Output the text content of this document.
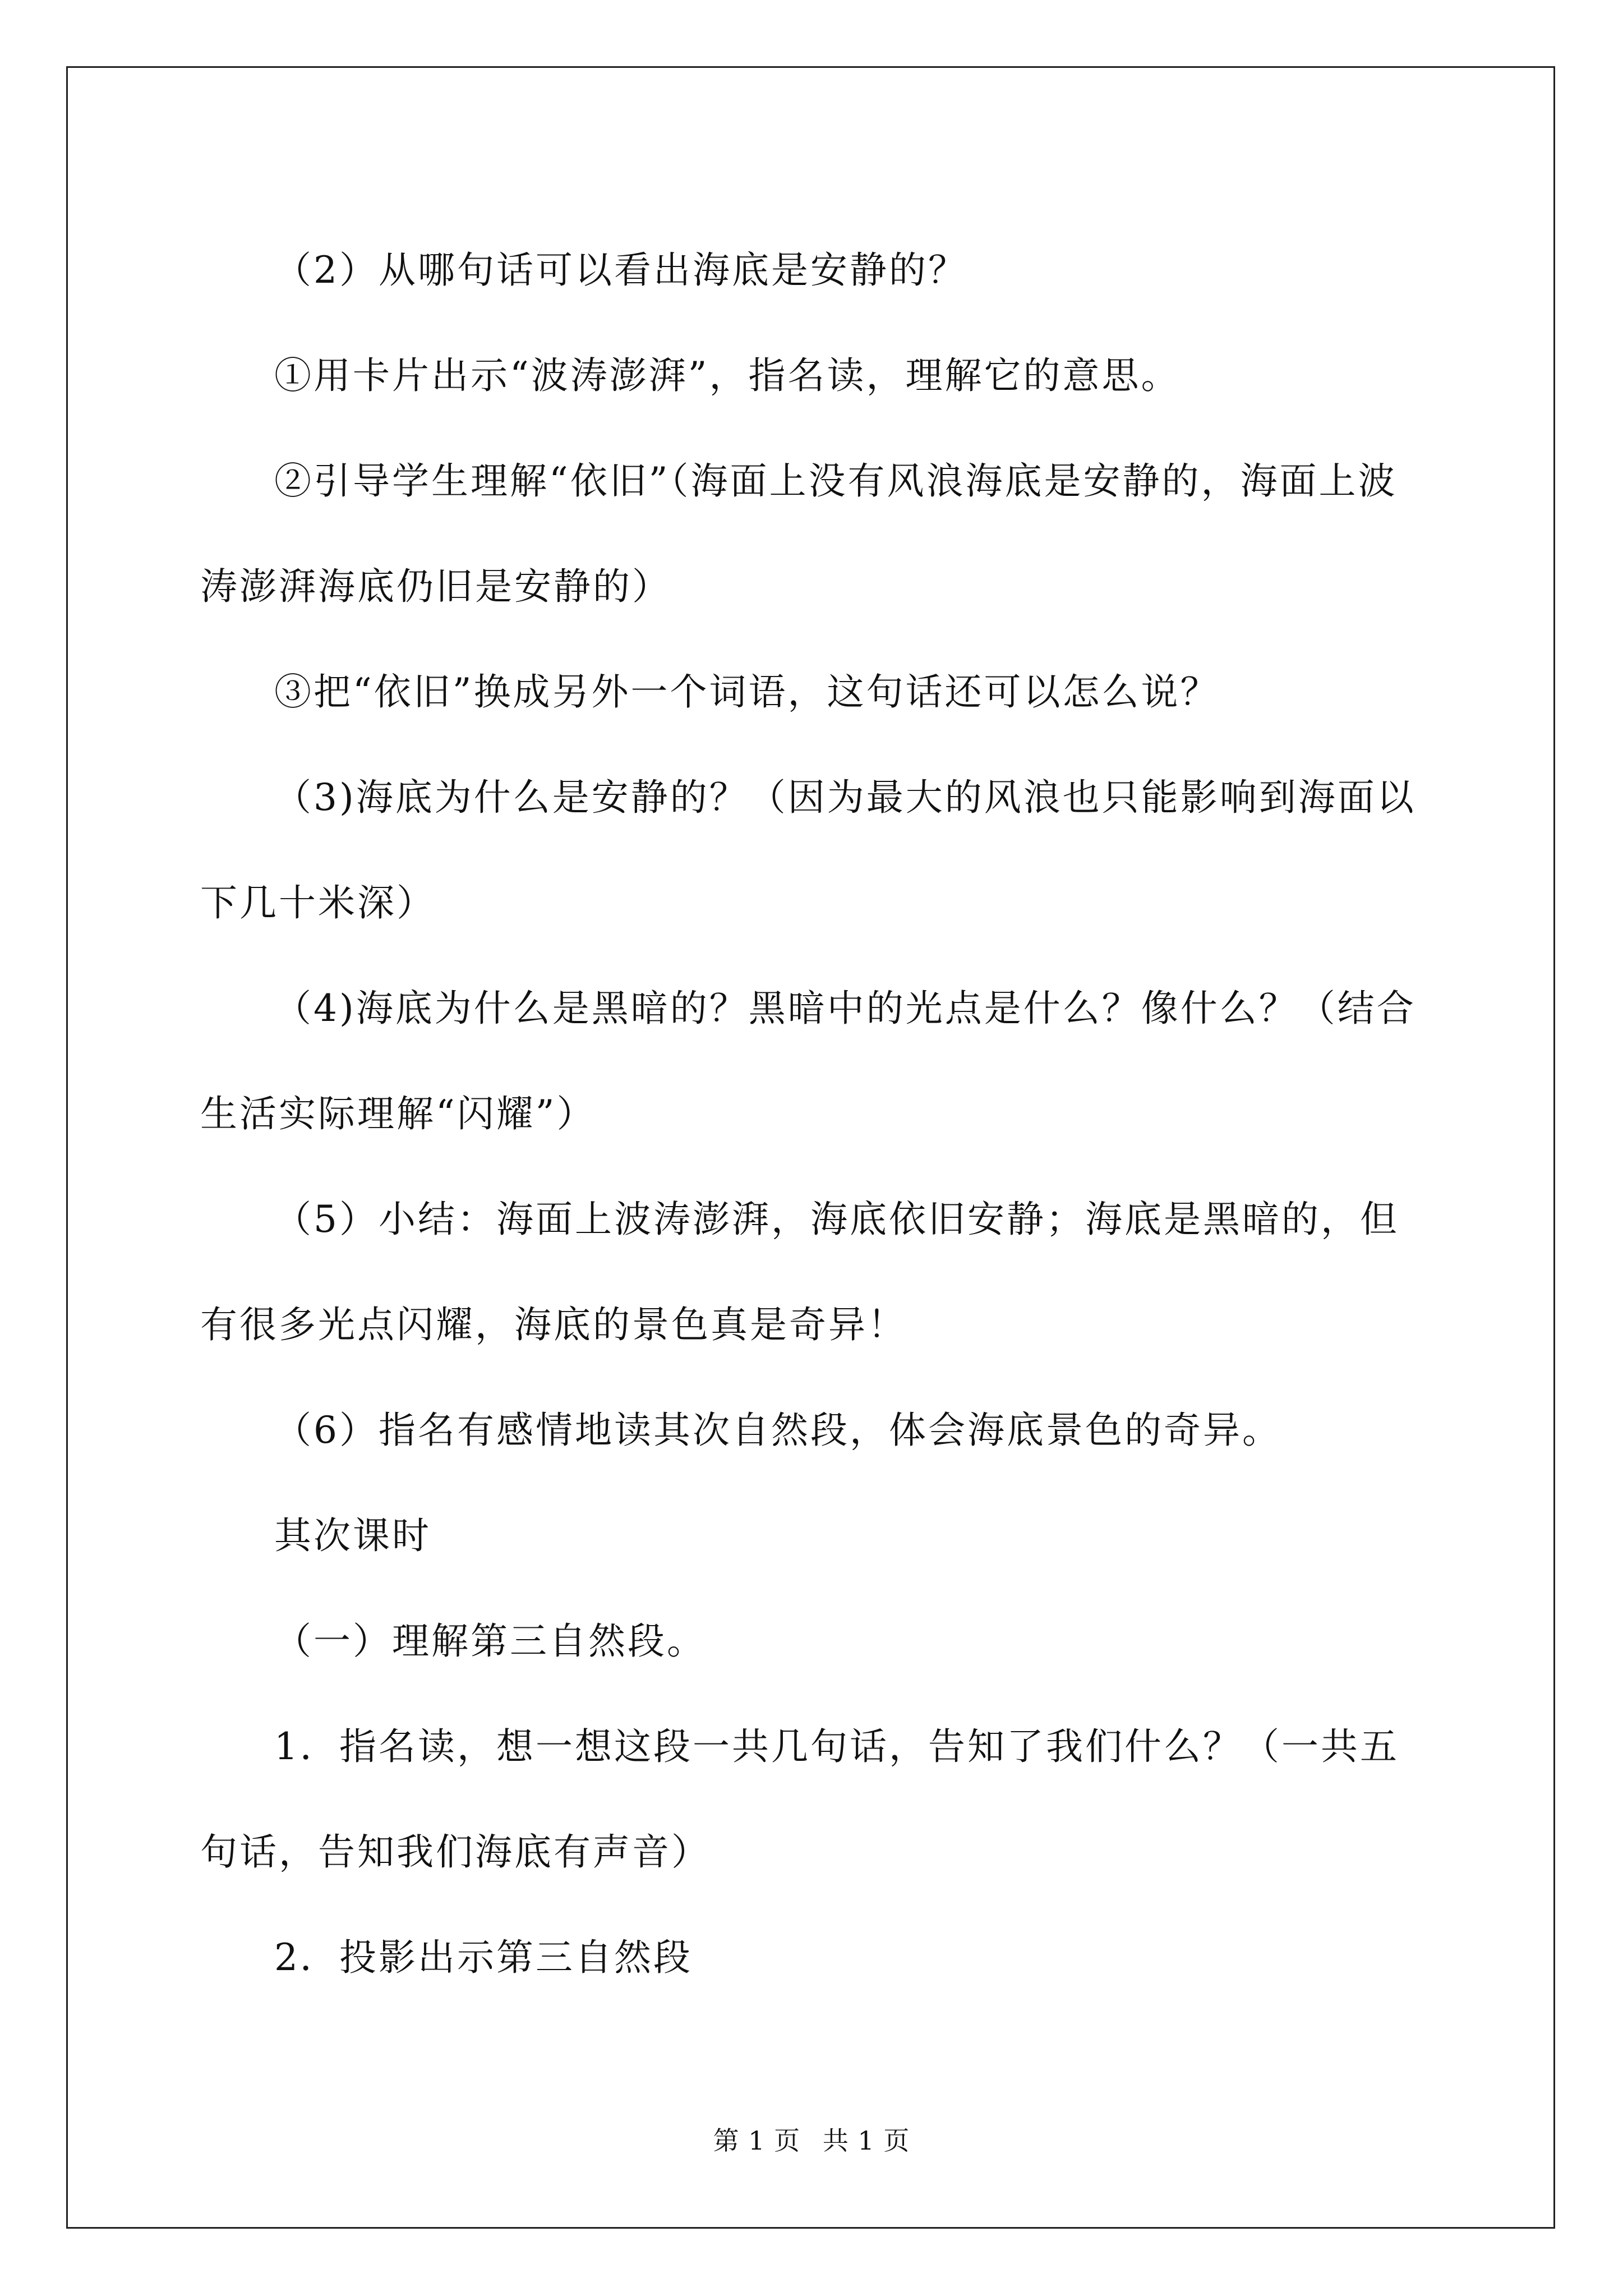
（2）从哪句话可以看出海底是安静的？

①用卡片出示“波涛澎湃”，指名读，理解它的意思。

②引导学生理解“依旧”（海面上没有风浪海底是安静的，海面上波涛澎湃海底仍旧是安静的）

③把“依旧”换成另外一个词语，这句话还可以怎么说？

（3)海底为什么是安静的？（因为最大的风浪也只能影响到海面以下几十米深）

（4)海底为什么是黑暗的？黑暗中的光点是什么？像什么？（结合生活实际理解“闪耀”）

（5）小结：海面上波涛澎湃，海底依旧安静；海底是黑暗的，但有很多光点闪耀，海底的景色真是奇异！

（6）指名有感情地读其次自然段，体会海底景色的奇异。

其次课时

（一）理解第三自然段。

1．指名读，想一想这段一共几句话，告知了我们什么？（一共五句话，告知我们海底有声音）

2．投影出示第三自然段

第 1 页 共 1 页
